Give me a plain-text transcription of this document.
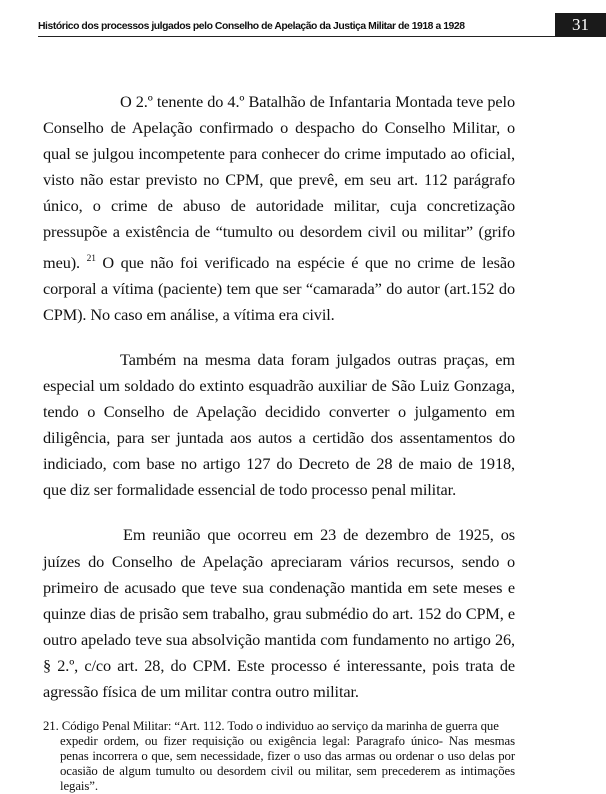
Histórico dos processos julgados pelo Conselho de Apelação da Justiça Militar de 1918 a 1928	31

O 2.º tenente do 4.º Batalhão de Infantaria Montada teve pelo Conselho de Apelação confirmado o despacho do Conselho Militar, o qual se julgou incompetente para conhecer do crime imputado ao oficial, visto não estar previsto no CPM, que prevê, em seu art. 112 parágrafo único, o crime de abuso de autoridade militar, cuja concretização pressupõe a existência de “tumulto ou desordem civil ou militar” (grifo meu). $^{21}$ O que não foi verificado na espécie é que no crime de lesão corporal a vítima (paciente) tem que ser “camarada” do autor (art.152 do CPM). No caso em análise, a vítima era civil.

Também na mesma data foram julgados outras praças, em especial um soldado do extinto esquadrão auxiliar de São Luiz Gonzaga, tendo o Conselho de Apelação decidido converter o julgamento em diligência, para ser juntada aos autos a certidão dos assentamentos do indiciado, com base no artigo 127 do Decreto de 28 de maio de 1918, que diz ser formalidade essencial de todo processo penal militar.

Em reunião que ocorreu em 23 de dezembro de 1925, os juízes do Conselho de Apelação apreciaram vários recursos, sendo o primeiro de acusado que teve sua condenação mantida em sete meses e quinze dias de prisão sem trabalho, grau submédio do art. 152 do CPM, e outro apelado teve sua absolvição mantida com fundamento no artigo 26, § 2.º, c/co art. 28, do CPM. Este processo é interessante, pois trata de agressão física de um militar contra outro militar.

21. Código Penal Militar: “Art. 112. Todo o individuo ao serviço da marinha de guerra que
expedir ordem, ou fizer requisição ou exigência legal: Paragrafo único- Nas mesmas penas incorrera o que, sem necessidade, fizer o uso das armas ou ordenar o uso delas por ocasião de algum tumulto ou desordem civil ou militar, sem precederem as intimações legais”.
